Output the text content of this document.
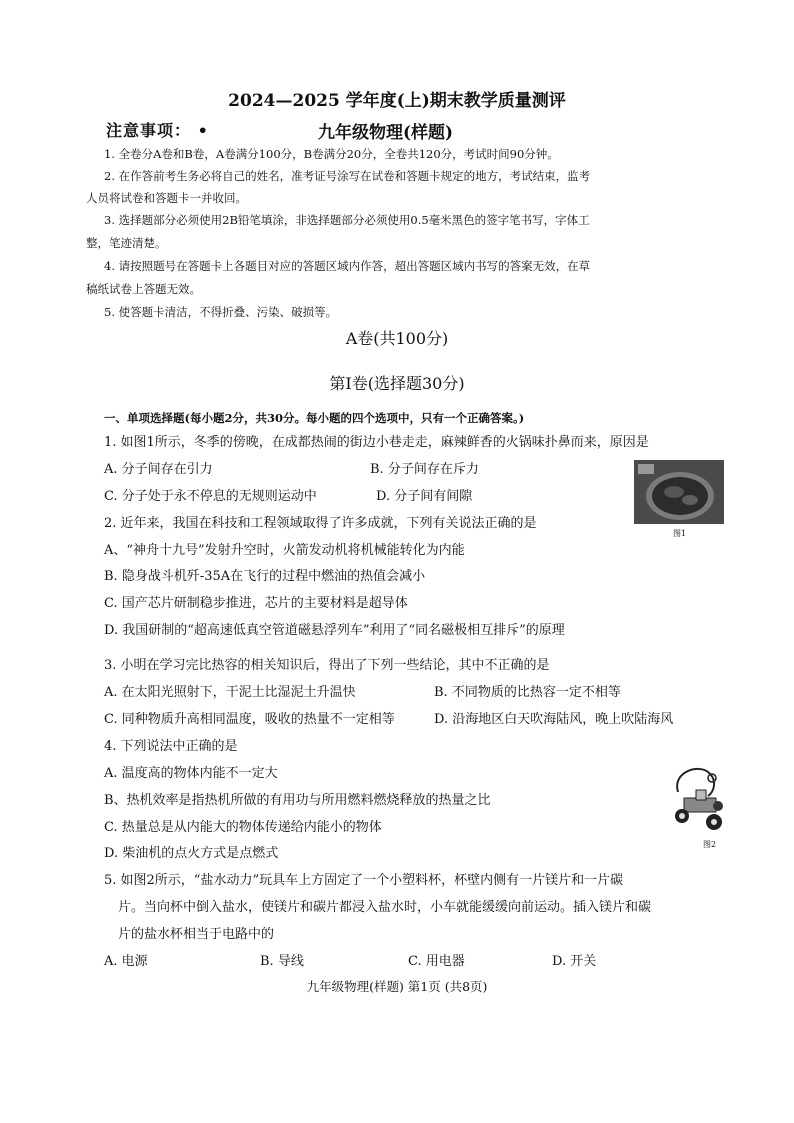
2024—2025 学年度(上)期末教学质量测评
注意事项： •	九年级物理(样题)
1. 全卷分A卷和B卷，A卷满分100分，B卷满分20分，全卷共120分，考试时间90分钟。
2. 在作答前考生务必将自己的姓名，准考证号涂写在试卷和答题卡规定的地方，考试结束，监考
人员将试卷和答题卡一并收回。
3. 选择题部分必须使用2B铅笔填涂，非选择题部分必须使用0.5毫米黑色的签字笔书写，字体工
整，笔迹清楚。
4. 请按照题号在答题卡上各题目对应的答题区域内作答，超出答题区域内书写的答案无效，在草
稿纸试卷上答题无效。
5. 使答题卡清洁，不得折叠、污染、破损等。
A卷(共100分)
第Ⅰ卷(选择题30分)
一、单项选择题(每小题2分，共30分。每小题的四个选项中，只有一个正确答案。)
1. 如图1所示，冬季的傍晚，在成都热闹的街边小巷走走，麻辣鲜香的火锅味扑鼻而来，原因是
A. 分子间存在引力	B. 分子间存在斥力
C. 分子处于永不停息的无规则运动中	D. 分子间有间隙
图1
2. 近年来，我国在科技和工程领域取得了许多成就，下列有关说法正确的是
A、“神舟十九号”发射升空时，火箭发动机将机械能转化为内能
B. 隐身战斗机歼-35A在飞行的过程中燃油的热值会减小
C. 国产芯片研制稳步推进，芯片的主要材料是超导体
D. 我国研制的“超高速低真空管道磁悬浮列车”利用了“同名磁极相互排斥”的原理
3. 小明在学习完比热容的相关知识后，得出了下列一些结论，其中不正确的是
A. 在太阳光照射下，干泥土比湿泥土升温快	B. 不同物质的比热容一定不相等
C. 同种物质升高相同温度，吸收的热量不一定相等	D. 沿海地区白天吹海陆风，晚上吹陆海风
4. 下列说法中正确的是
A. 温度高的物体内能不一定大
B、热机效率是指热机所做的有用功与所用燃料燃烧释放的热量之比
C. 热量总是从内能大的物体传递给内能小的物体
D. 柴油机的点火方式是点燃式
图2
5. 如图2所示，“盐水动力”玩具车上方固定了一个小塑料杯，杯壁内侧有一片镁片和一片碳
片。当向杯中倒入盐水，使镁片和碳片都浸入盐水时，小车就能缓缓向前运动。插入镁片和碳
片的盐水杯相当于电路中的
A. 电源	B. 导线	C. 用电器	D. 开关
九年级物理(样题) 第1页 (共8页)
